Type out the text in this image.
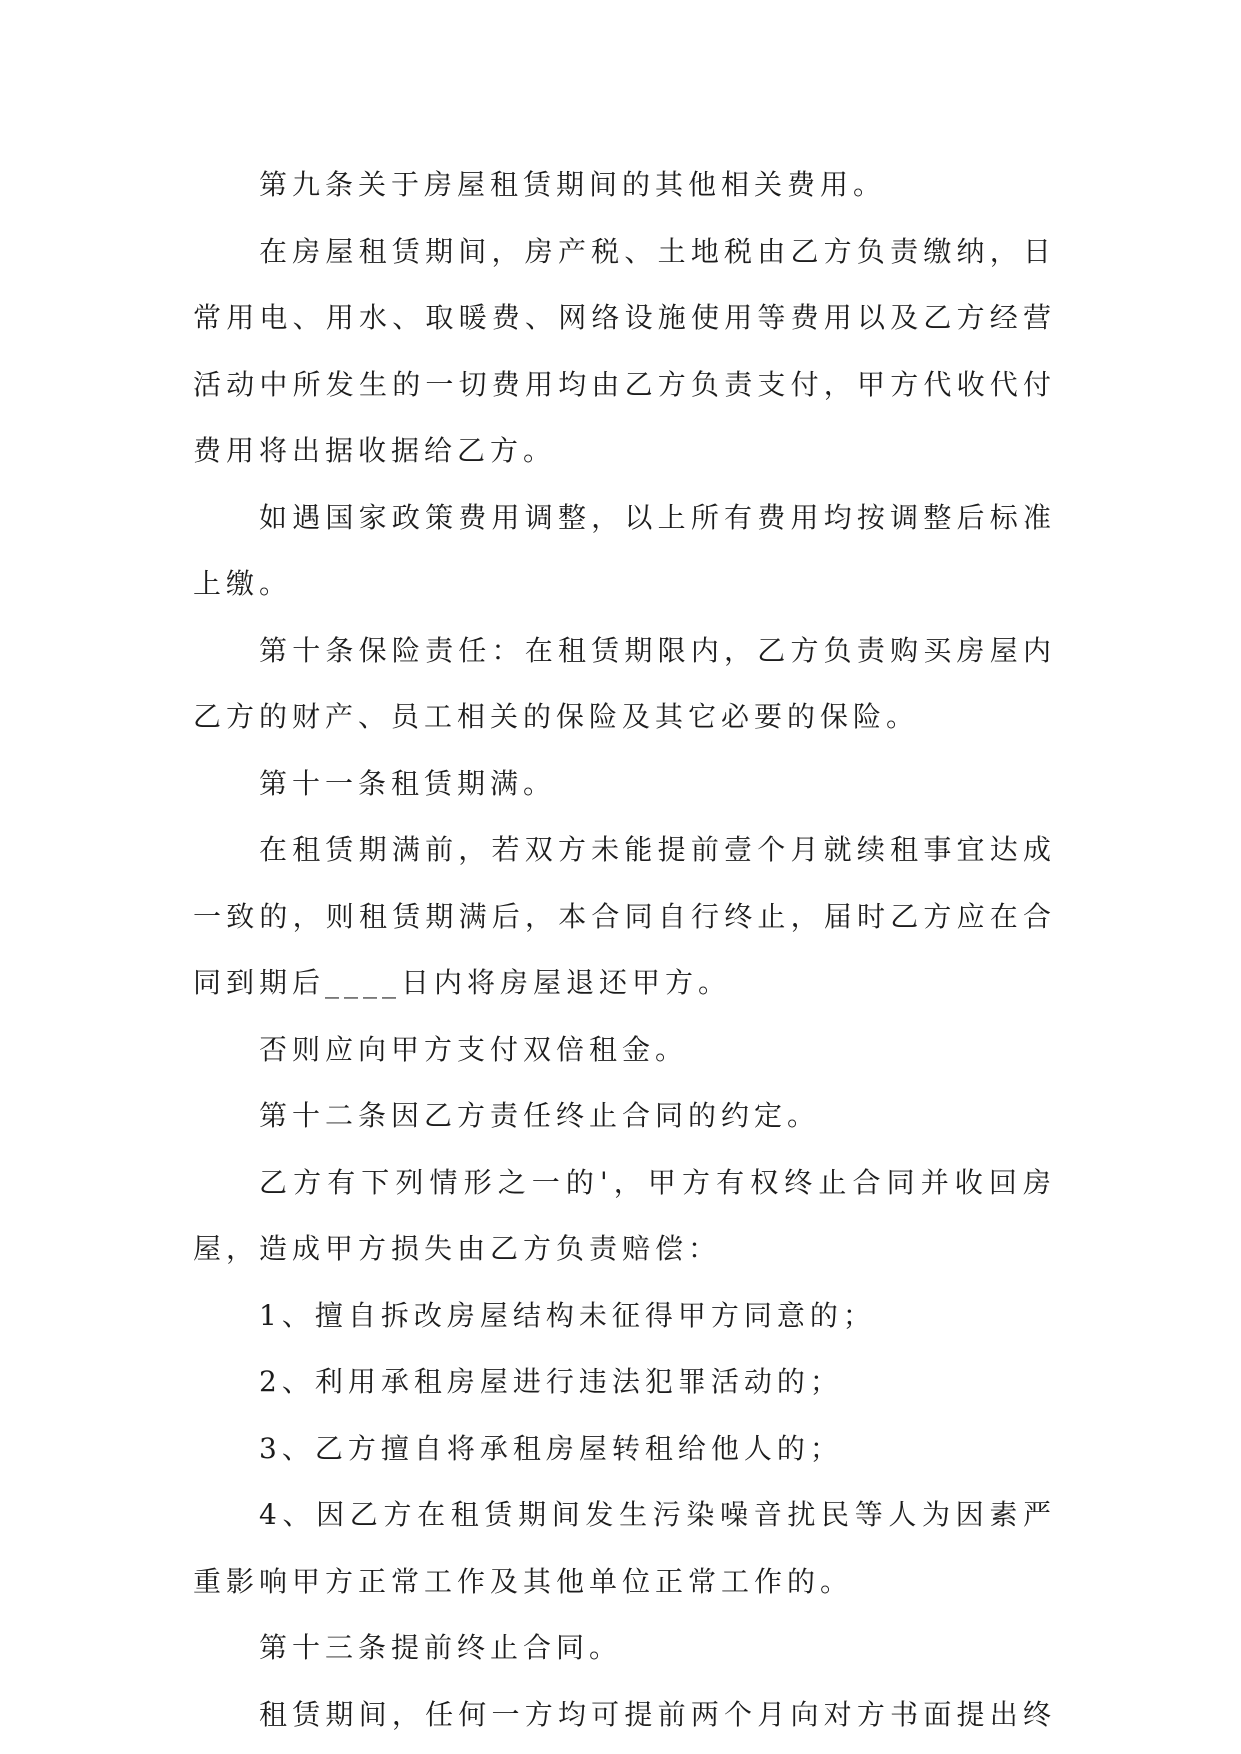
第九条关于房屋租赁期间的其他相关费用。
在房屋租赁期间，房产税、土地税由乙方负责缴纳，日
常用电、用水、取暖费、网络设施使用等费用以及乙方经营
活动中所发生的一切费用均由乙方负责支付，甲方代收代付
费用将出据收据给乙方。
如遇国家政策费用调整，以上所有费用均按调整后标准
上缴。
第十条保险责任：在租赁期限内，乙方负责购买房屋内
乙方的财产、员工相关的保险及其它必要的保险。
第十一条租赁期满。
在租赁期满前，若双方未能提前壹个月就续租事宜达成
一致的，则租赁期满后，本合同自行终止，届时乙方应在合
同到期后____日内将房屋退还甲方。
否则应向甲方支付双倍租金。
第十二条因乙方责任终止合同的约定。
乙方有下列情形之一的'，甲方有权终止合同并收回房
屋，造成甲方损失由乙方负责赔偿：
1、擅自拆改房屋结构未征得甲方同意的；
2、利用承租房屋进行违法犯罪活动的；
3、乙方擅自将承租房屋转租给他人的；
4、因乙方在租赁期间发生污染噪音扰民等人为因素严
重影响甲方正常工作及其他单位正常工作的。
第十三条提前终止合同。
租赁期间，任何一方均可提前两个月向对方书面提出终
